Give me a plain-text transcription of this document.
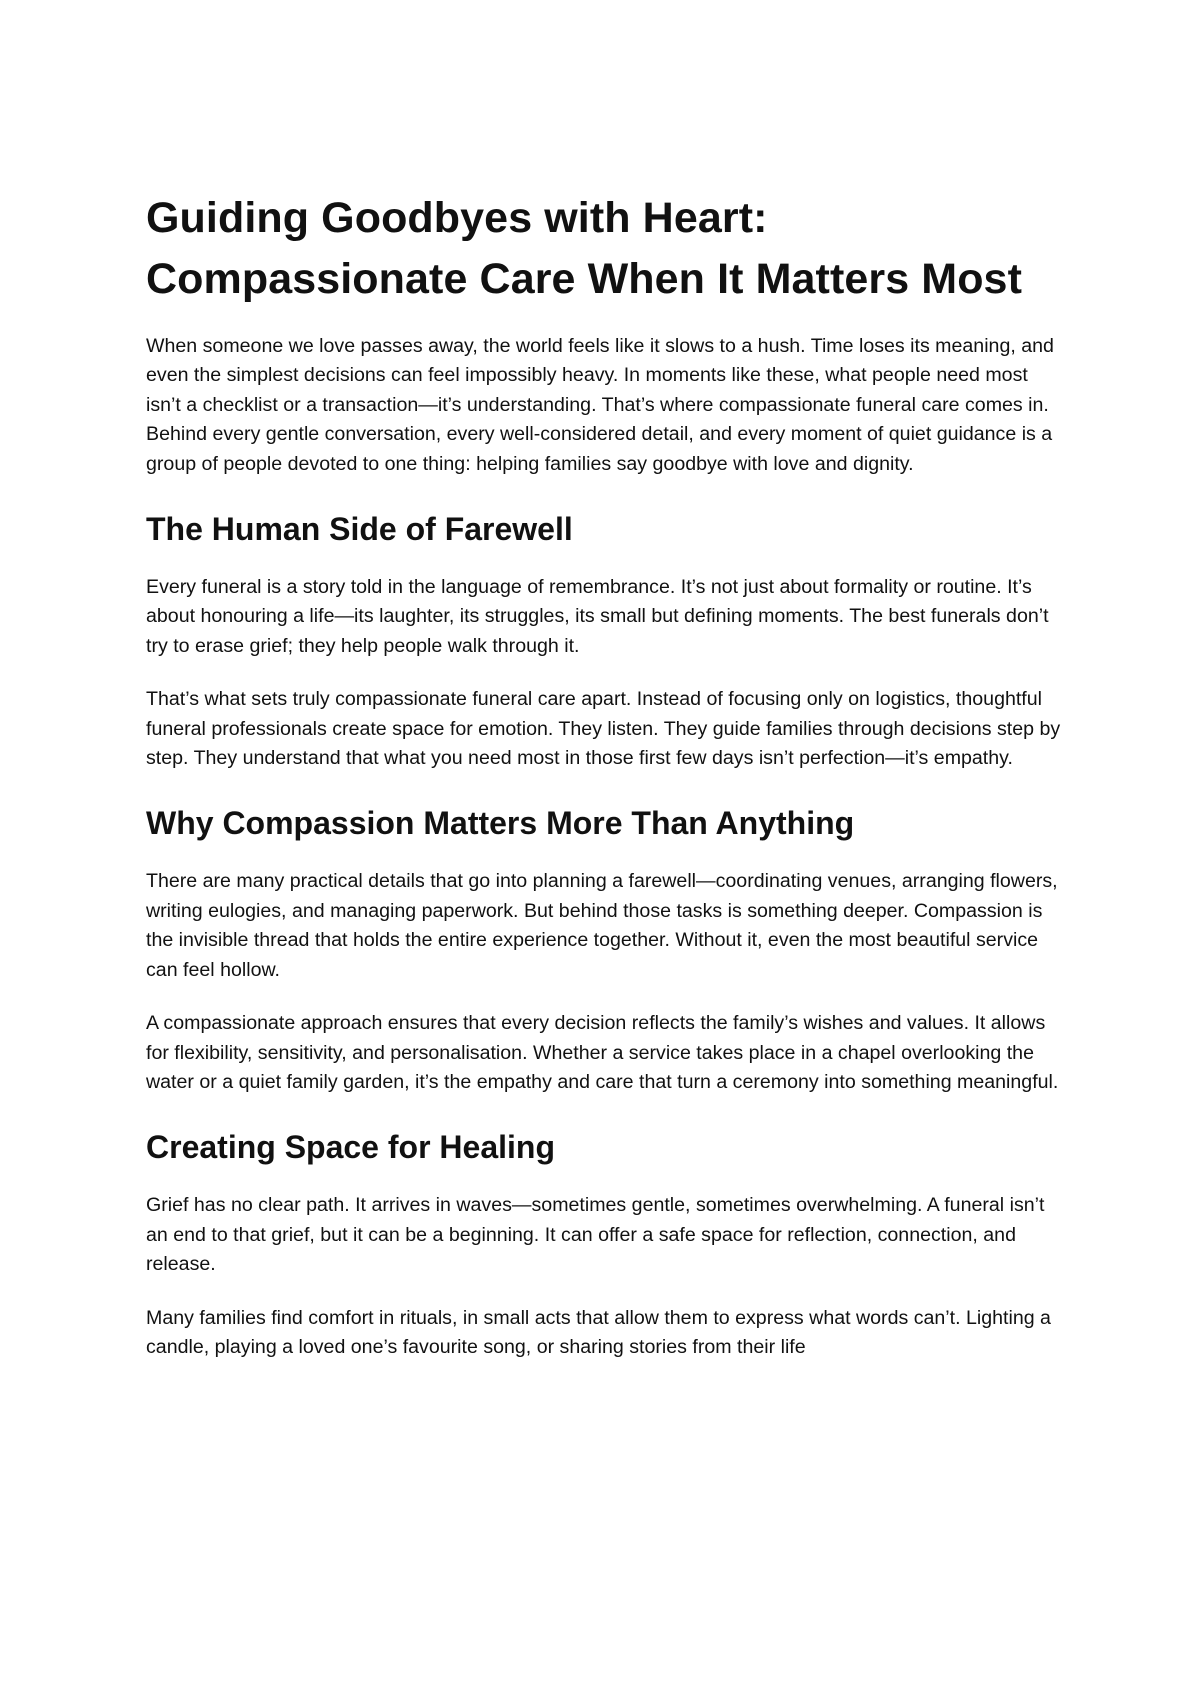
Guiding Goodbyes with Heart: Compassionate Care When It Matters Most

When someone we love passes away, the world feels like it slows to a hush. Time loses its meaning, and even the simplest decisions can feel impossibly heavy. In moments like these, what people need most isn’t a checklist or a transaction—it’s understanding. That’s where compassionate funeral care comes in. Behind every gentle conversation, every well-considered detail, and every moment of quiet guidance is a group of people devoted to one thing: helping families say goodbye with love and dignity.

The Human Side of Farewell

Every funeral is a story told in the language of remembrance. It’s not just about formality or routine. It’s about honouring a life—its laughter, its struggles, its small but defining moments. The best funerals don’t try to erase grief; they help people walk through it.

That’s what sets truly compassionate funeral care apart. Instead of focusing only on logistics, thoughtful funeral professionals create space for emotion. They listen. They guide families through decisions step by step. They understand that what you need most in those first few days isn’t perfection—it’s empathy.

Why Compassion Matters More Than Anything

There are many practical details that go into planning a farewell—coordinating venues, arranging flowers, writing eulogies, and managing paperwork. But behind those tasks is something deeper. Compassion is the invisible thread that holds the entire experience together. Without it, even the most beautiful service can feel hollow.

A compassionate approach ensures that every decision reflects the family’s wishes and values. It allows for flexibility, sensitivity, and personalisation. Whether a service takes place in a chapel overlooking the water or a quiet family garden, it’s the empathy and care that turn a ceremony into something meaningful.

Creating Space for Healing

Grief has no clear path. It arrives in waves—sometimes gentle, sometimes overwhelming. A funeral isn’t an end to that grief, but it can be a beginning. It can offer a safe space for reflection, connection, and release.

Many families find comfort in rituals, in small acts that allow them to express what words can’t. Lighting a candle, playing a loved one’s favourite song, or sharing stories from their life
